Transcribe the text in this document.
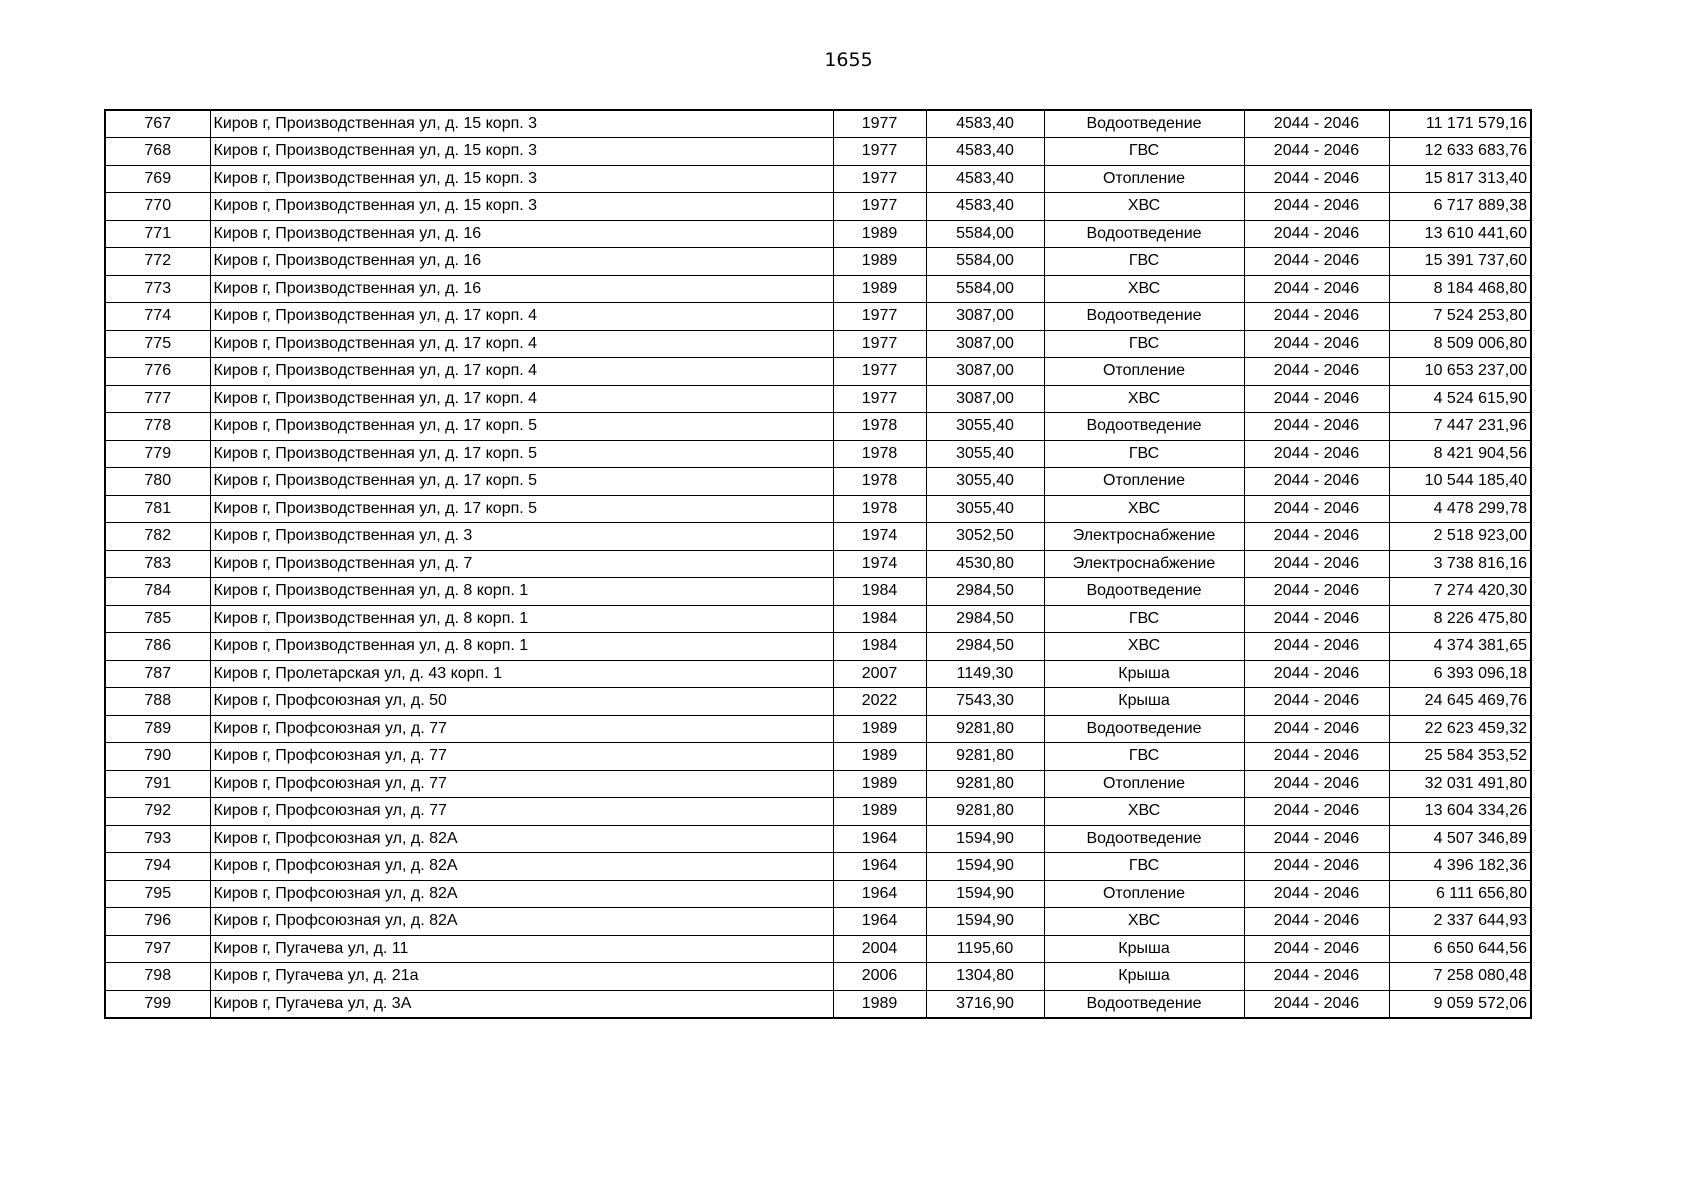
1655
767	Киров г, Производственная ул, д. 15 корп. 3	1977	4583,40	Водоотведение	2044 - 2046	11 171 579,16
768	Киров г, Производственная ул, д. 15 корп. 3	1977	4583,40	ГВС	2044 - 2046	12 633 683,76
769	Киров г, Производственная ул, д. 15 корп. 3	1977	4583,40	Отопление	2044 - 2046	15 817 313,40
770	Киров г, Производственная ул, д. 15 корп. 3	1977	4583,40	ХВС	2044 - 2046	6 717 889,38
771	Киров г, Производственная ул, д. 16	1989	5584,00	Водоотведение	2044 - 2046	13 610 441,60
772	Киров г, Производственная ул, д. 16	1989	5584,00	ГВС	2044 - 2046	15 391 737,60
773	Киров г, Производственная ул, д. 16	1989	5584,00	ХВС	2044 - 2046	8 184 468,80
774	Киров г, Производственная ул, д. 17 корп. 4	1977	3087,00	Водоотведение	2044 - 2046	7 524 253,80
775	Киров г, Производственная ул, д. 17 корп. 4	1977	3087,00	ГВС	2044 - 2046	8 509 006,80
776	Киров г, Производственная ул, д. 17 корп. 4	1977	3087,00	Отопление	2044 - 2046	10 653 237,00
777	Киров г, Производственная ул, д. 17 корп. 4	1977	3087,00	ХВС	2044 - 2046	4 524 615,90
778	Киров г, Производственная ул, д. 17 корп. 5	1978	3055,40	Водоотведение	2044 - 2046	7 447 231,96
779	Киров г, Производственная ул, д. 17 корп. 5	1978	3055,40	ГВС	2044 - 2046	8 421 904,56
780	Киров г, Производственная ул, д. 17 корп. 5	1978	3055,40	Отопление	2044 - 2046	10 544 185,40
781	Киров г, Производственная ул, д. 17 корп. 5	1978	3055,40	ХВС	2044 - 2046	4 478 299,78
782	Киров г, Производственная ул, д. 3	1974	3052,50	Электроснабжение	2044 - 2046	2 518 923,00
783	Киров г, Производственная ул, д. 7	1974	4530,80	Электроснабжение	2044 - 2046	3 738 816,16
784	Киров г, Производственная ул, д. 8 корп. 1	1984	2984,50	Водоотведение	2044 - 2046	7 274 420,30
785	Киров г, Производственная ул, д. 8 корп. 1	1984	2984,50	ГВС	2044 - 2046	8 226 475,80
786	Киров г, Производственная ул, д. 8 корп. 1	1984	2984,50	ХВС	2044 - 2046	4 374 381,65
787	Киров г, Пролетарская ул, д. 43 корп. 1	2007	1149,30	Крыша	2044 - 2046	6 393 096,18
788	Киров г, Профсоюзная ул, д. 50	2022	7543,30	Крыша	2044 - 2046	24 645 469,76
789	Киров г, Профсоюзная ул, д. 77	1989	9281,80	Водоотведение	2044 - 2046	22 623 459,32
790	Киров г, Профсоюзная ул, д. 77	1989	9281,80	ГВС	2044 - 2046	25 584 353,52
791	Киров г, Профсоюзная ул, д. 77	1989	9281,80	Отопление	2044 - 2046	32 031 491,80
792	Киров г, Профсоюзная ул, д. 77	1989	9281,80	ХВС	2044 - 2046	13 604 334,26
793	Киров г, Профсоюзная ул, д. 82А	1964	1594,90	Водоотведение	2044 - 2046	4 507 346,89
794	Киров г, Профсоюзная ул, д. 82А	1964	1594,90	ГВС	2044 - 2046	4 396 182,36
795	Киров г, Профсоюзная ул, д. 82А	1964	1594,90	Отопление	2044 - 2046	6 111 656,80
796	Киров г, Профсоюзная ул, д. 82А	1964	1594,90	ХВС	2044 - 2046	2 337 644,93
797	Киров г, Пугачева ул, д. 11	2004	1195,60	Крыша	2044 - 2046	6 650 644,56
798	Киров г, Пугачева ул, д. 21а	2006	1304,80	Крыша	2044 - 2046	7 258 080,48
799	Киров г, Пугачева ул, д. 3А	1989	3716,90	Водоотведение	2044 - 2046	9 059 572,06
